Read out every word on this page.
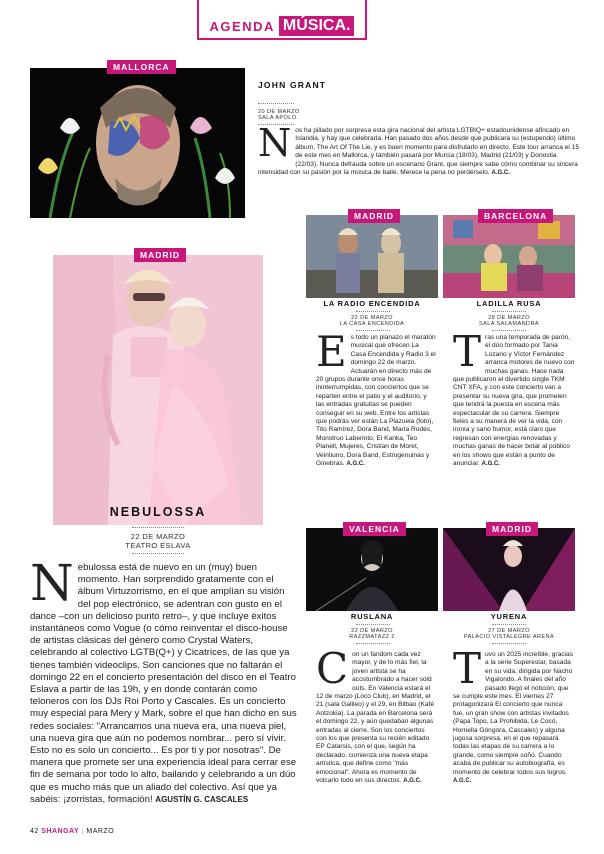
AGENDA MÚSICA.
MALLORCA
JOHN GRANT
20 DE MARZO
SALA APOLO
Nos ha pillado por sorpresa esta gira nacional del artista LGTBIQ+ estadounidense afincado en Islandia, y hay que celebrarla. Han pasado dos años desde que publicara su (estupendo) último álbum, The Art Of The Lie, y es buen momento para disfrutarlo en directo. Este tour arranca el 15 de este mes en Mallorca, y también pasará por Murcia (18/03), Madrid (21/03) y Donostia (22/03). Nunca defrauda sobre un escenario Grant, que siempre sabe cómo combinar su sincera intensidad con su pasión por la música de baile. Merece la pena no perdérselo. A.G.C.
MADRID
LA RADIO ENCENDIDA
22 DE MARZO
LA CASA ENCENDIDA
Es todo un planazo el maratón musical que ofrecen La Casa Encendida y Radio 3 el domingo 22 de marzo. Actuarán en directo más de 20 grupos durante once horas ininterrumpidas, con conciertos que se reparten entre el patio y el auditorio, y las entradas gratuitas se pueden conseguir en su web. Entre los artistas que podrás ver están La Plazuela (foto), Tito Ramírez, Dora Band, María Rodés, Monstruo Laberinto, El Kanka, Teo Planell, Mujeres, Cristian de Moret, Veintiuno, Dora Band, Estrogenuinas y Ginebras. A.G.C.
BARCELONA
LADILLA RUSA
28 DE MARZO
SALA SALAMANDRA
Tras una temporada de parón, el dúo formado por Tania Lozano y Víctor Fernández arranca motores de nuevo con muchas ganas. Hace nada que publicaron el divertido single TKM CNT XFA, y con este concierto van a presentar su nueva gira, que prometen que tendrá la puesta en escena más espectacular de su carrera. Siempre fieles a su manera de ver la vida, con ironía y sano humor, está claro que regresan con energías renovadas y muchas ganas de hacer botar al público en los shows que están a punto de anunciar. A.G.C.
MADRID
NEBULOSSA
22 DE MARZO
TEATRO ESLAVA
Nebulossa está de nuevo en un (muy) buen momento. Han sorprendido gratamente con el álbum Virtuzorrismo, en el que amplían su visión del pop electrónico, se adentran con gusto en el dance –con un delicioso punto retro–, y que incluye éxitos instantáneos como Vogue (o cómo reinventar el disco-house de artistas clásicas del género como Crystal Waters, celebrando al colectivo LGTB(Q+) y Cicatrices, de las que ya tienes también videoclips. Son canciones que no faltarán el domingo 22 en el concierto presentación del disco en el Teatro Eslava a partir de las 19h, y en donde contarán como teloneros con los DJs Roi Porto y Cascales. Es un concierto muy especial para Mery y Mark, sobre el que han dicho en sus redes sociales: "Arrancamos una nueva era, una nueva piel, una nueva gira que aún no podemos nombrar... pero sí vivir. Esto no es solo un concierto... Es por ti y por nosotras". De manera que promete ser una experiencia ideal para cerrar ese fin de semana por todo lo alto, bailando y celebrando a un dúo que es mucho más que un aliado del colectivo. Así que ya sabéis: ¡zorristas, formación! AGUSTÍN G. CASCALES
VALENCIA
RUSLANA
22 DE MARZO
RAZZMATAZZ 2
Con un fandom cada vez mayor, y de lo más fiel, la joven artista se ha acostumbrado a hacer sold outs. En Valencia estará el 12 de marzo (Loco Club), en Madrid, el 21 (sala Galileo) y el 29, en Bilbao (Kafé Antzokia). La parada en Barcelona será el domingo 22, y aún quedaban algunas entradas al cierre. Son los conciertos con los que presenta su recién editado EP Catarsis, con el que, según ha declarado, comienza una nueva etapa artística, que define como "más emocional". Ahora es momento de volcarlo todo en sus directos. A.G.C.
MADRID
YURENA
27 DE MARZO
PALACIO VISTALEGRE ARENA
Tuvo un 2025 increíble, gracias a la serie Superestar, basada en su vida, dirigida por Nacho Vigalondo. A finales del año pasado llegó el notición, que se cumple este mes. El viernes 27 protagonizará El concierto que nunca fue, un gran show con artistas invitados (Papa Topo, La Prohibida, Le Cocó, Hornella Góngora, Cascales) y alguna jugosa sorpresa, en el que repasará todas las etapas de su carrera a lo grande, como siempre soñó. Cuando acaba de publicar su autobiografía, es momento de celebrar todos sus logros. A.G.C.
42 SHANGAY | MARZO
